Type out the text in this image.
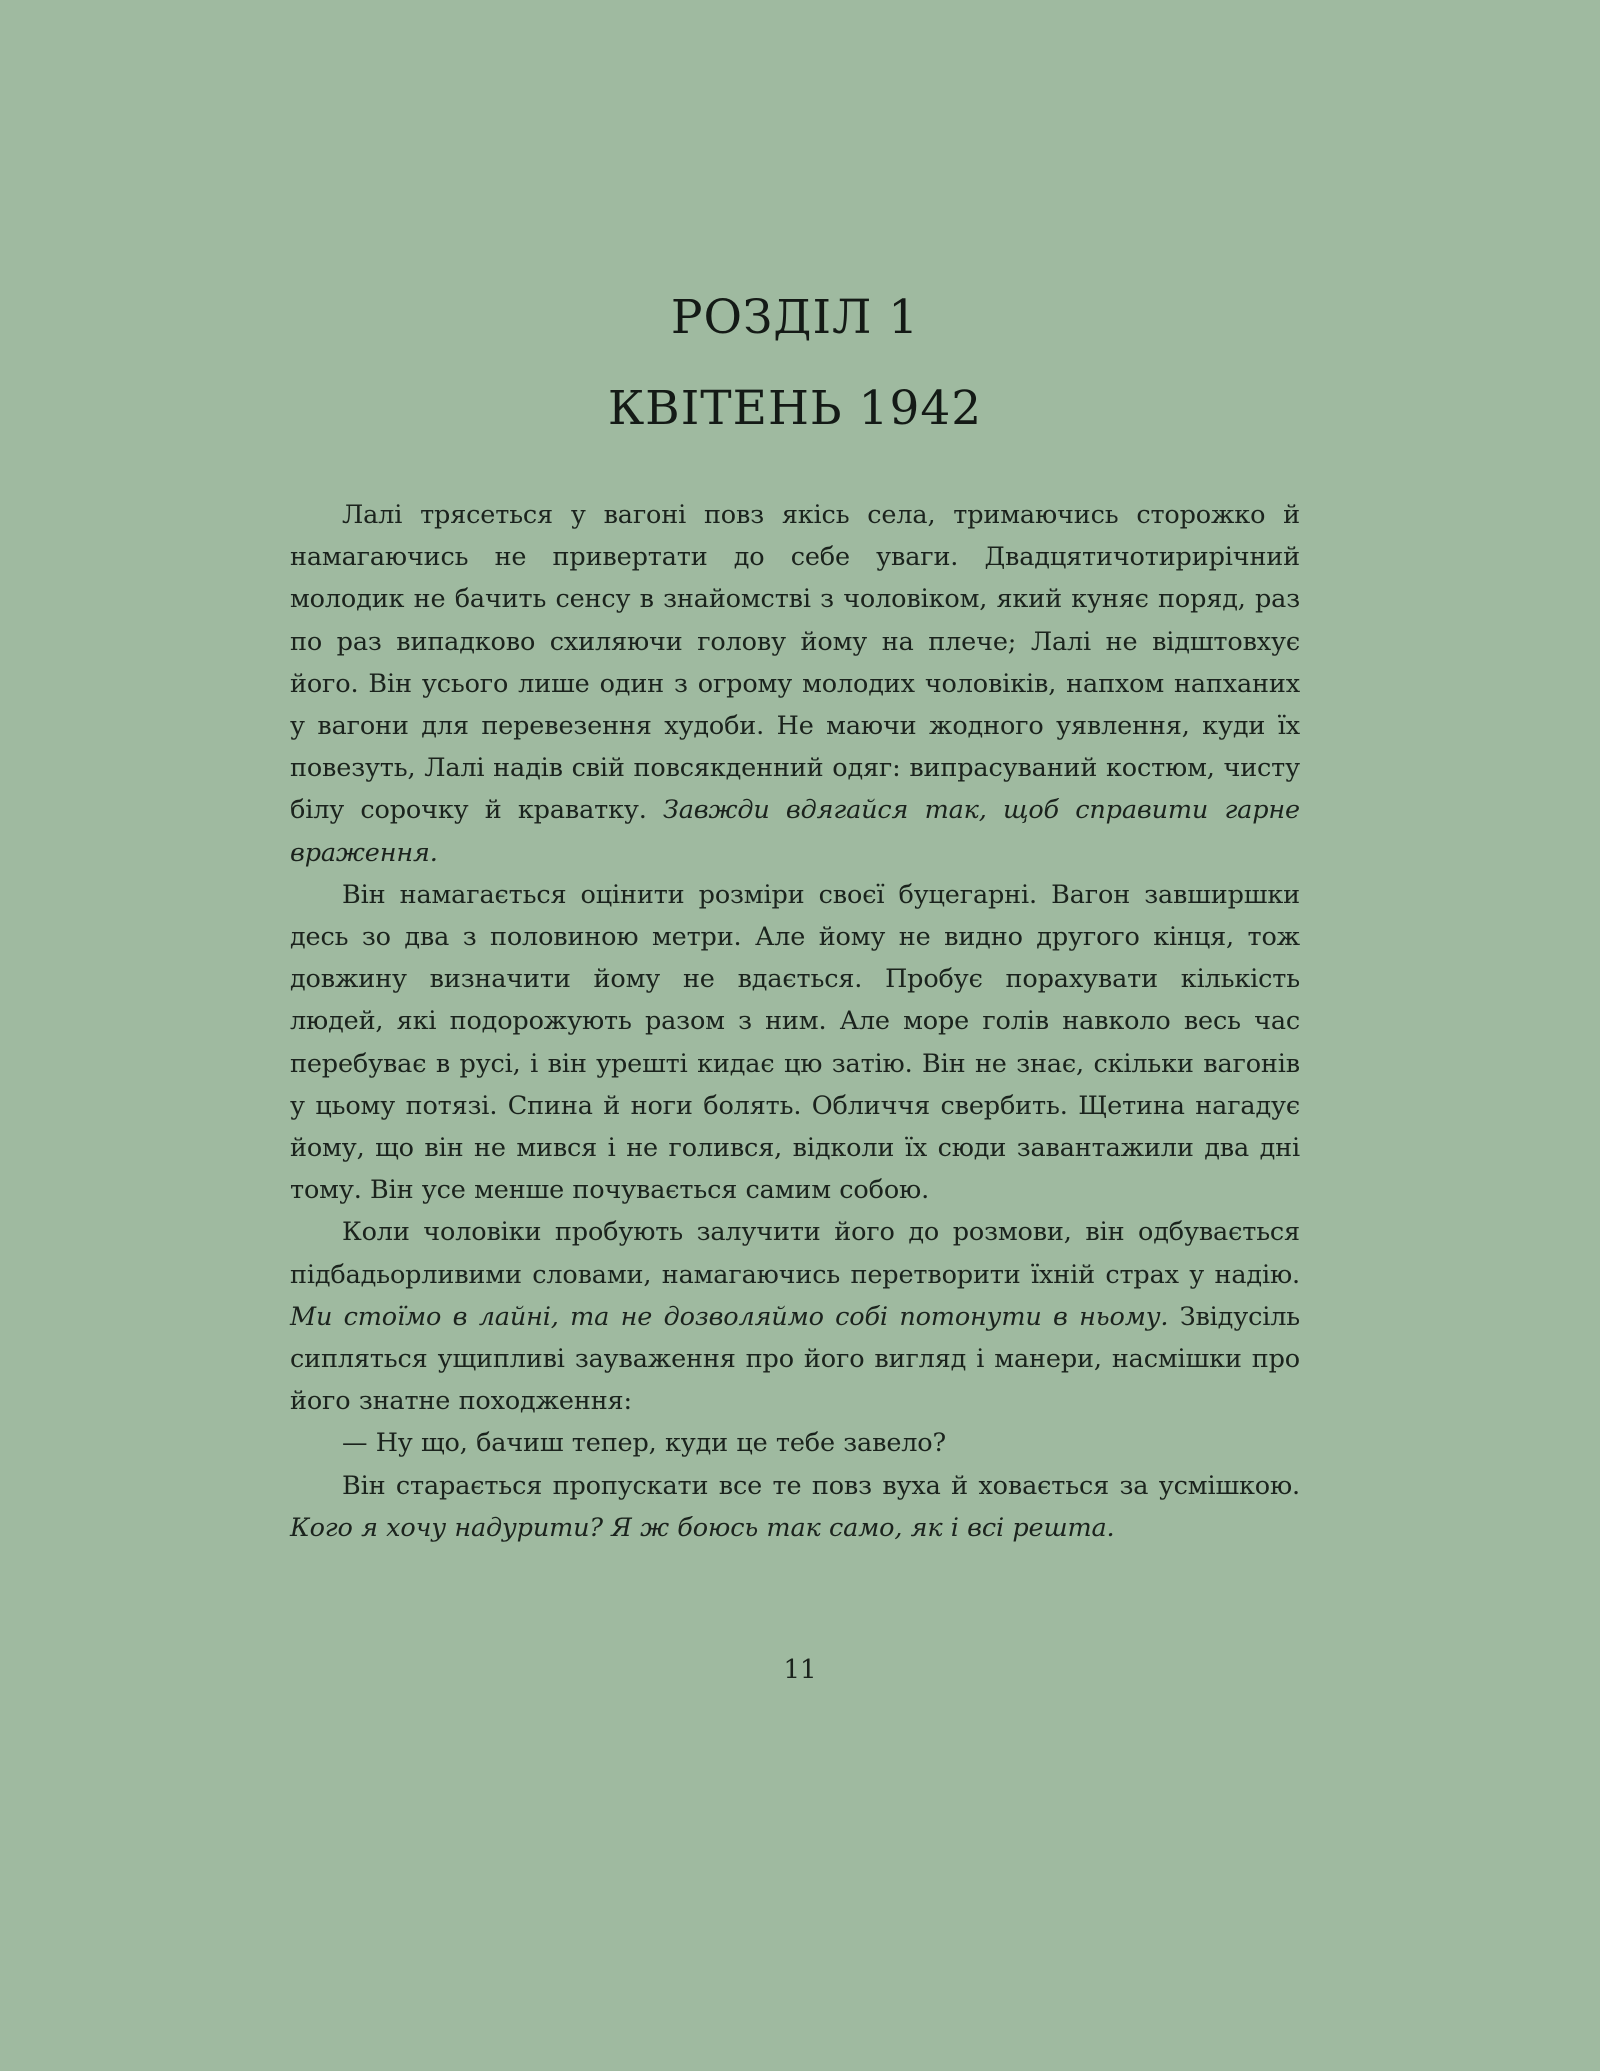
РОЗДІЛ 1
КВІТЕНЬ 1942

Лалі трясеться у вагоні повз якісь села, тримаючись сторожко й намагаючись не привертати до себе уваги. Двадцятичотирирічний молодик не бачить сенсу в знайомстві з чоловіком, який куняє поряд, раз по раз випадково схиляючи голову йому на плече; Лалі не відштовхує його. Він усього лише один з огрому молодих чоловіків, напхом напханих у вагони для перевезення худоби. Не маючи жодного уявлення, куди їх повезуть, Лалі надів свій повсякденний одяг: випрасуваний костюм, чисту білу сорочку й краватку. Завжди вдягайся так, щоб справити гарне враження.

Він намагається оцінити розміри своєї буцегарні. Вагон завширшки десь зо два з половиною метри. Але йому не видно другого кінця, тож довжину визначити йому не вдається. Пробує порахувати кількість людей, які подорожують разом з ним. Але море голів навколо весь час перебуває в русі, і він урешті кидає цю затію. Він не знає, скільки вагонів у цьому потязі. Спина й ноги болять. Обличчя свербить. Щетина нагадує йому, що він не мився і не голився, відколи їх сюди завантажили два дні тому. Він усе менше почувається самим собою.

Коли чоловіки пробують залучити його до розмови, він одбувається підбадьорливими словами, намагаючись перетворити їхній страх у надію. Ми стоїмо в лайні, та не дозволяймо собі потонути в ньому. Звідусіль сипляться ущипливі зауваження про його вигляд і манери, насмішки про його знатне походження:

— Ну що, бачиш тепер, куди це тебе завело?

Він старається пропускати все те повз вуха й ховається за усмішкою. Кого я хочу надурити? Я ж боюсь так само, як і всі решта.

11
